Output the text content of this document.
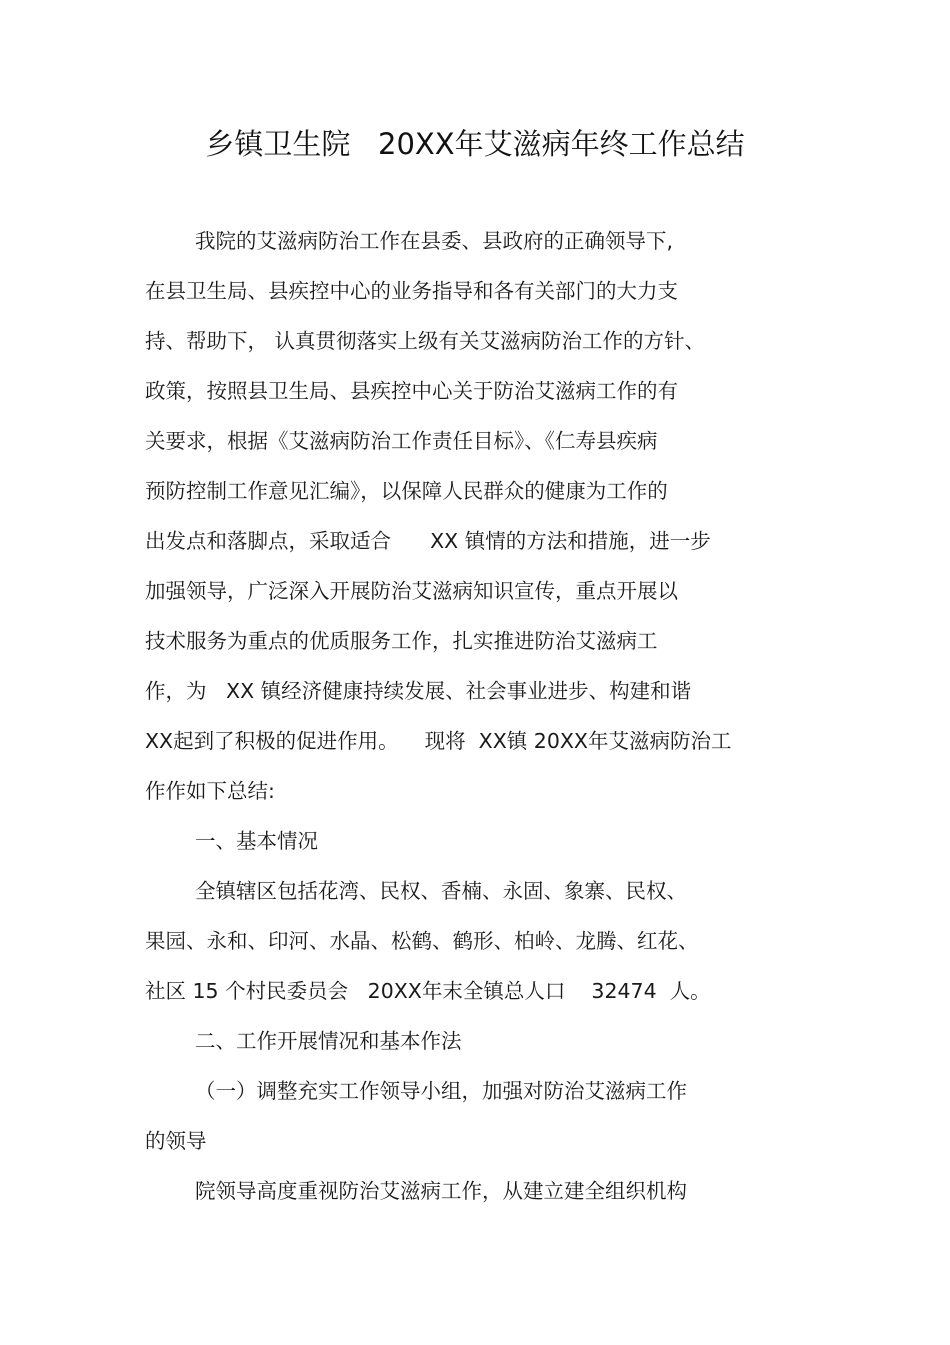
乡镇卫生院   20XX年艾滋病年终工作总结
我院的艾滋病防治工作在县委、县政府的正确领导下,
在县卫生局、县疾控中心的业务指导和各有关部门的大力支
持、帮助下， 认真贯彻落实上级有关艾滋病防治工作的方针、
政策，按照县卫生局、县疾控中心关于防治艾滋病工作的有
关要求，根据《艾滋病防治工作责任目标》、《仁寿县疾病
预防控制工作意见汇编》，以保障人民群众的健康为工作的
出发点和落脚点，采取适合      XX 镇情的方法和措施，进一步
加强领导，广泛深入开展防治艾滋病知识宣传，重点开展以
技术服务为重点的优质服务工作，扎实推进防治艾滋病工
作，为   XX 镇经济健康持续发展、社会事业进步、构建和谐
XX起到了积极的促进作用。    现将  XX镇 20XX年艾滋病防治工
作作如下总结:
一、基本情况
全镇辖区包括花湾、民权、香楠、永固、象寨、民权、
果园、永和、印河、水晶、松鹤、鹤形、柏岭、龙腾、红花、
社区 15 个村民委员会   20XX年末全镇总人口    32474  人。
二、工作开展情况和基本作法
（一）调整充实工作领导小组，加强对防治艾滋病工作
的领导
院领导高度重视防治艾滋病工作，从建立建全组织机构
